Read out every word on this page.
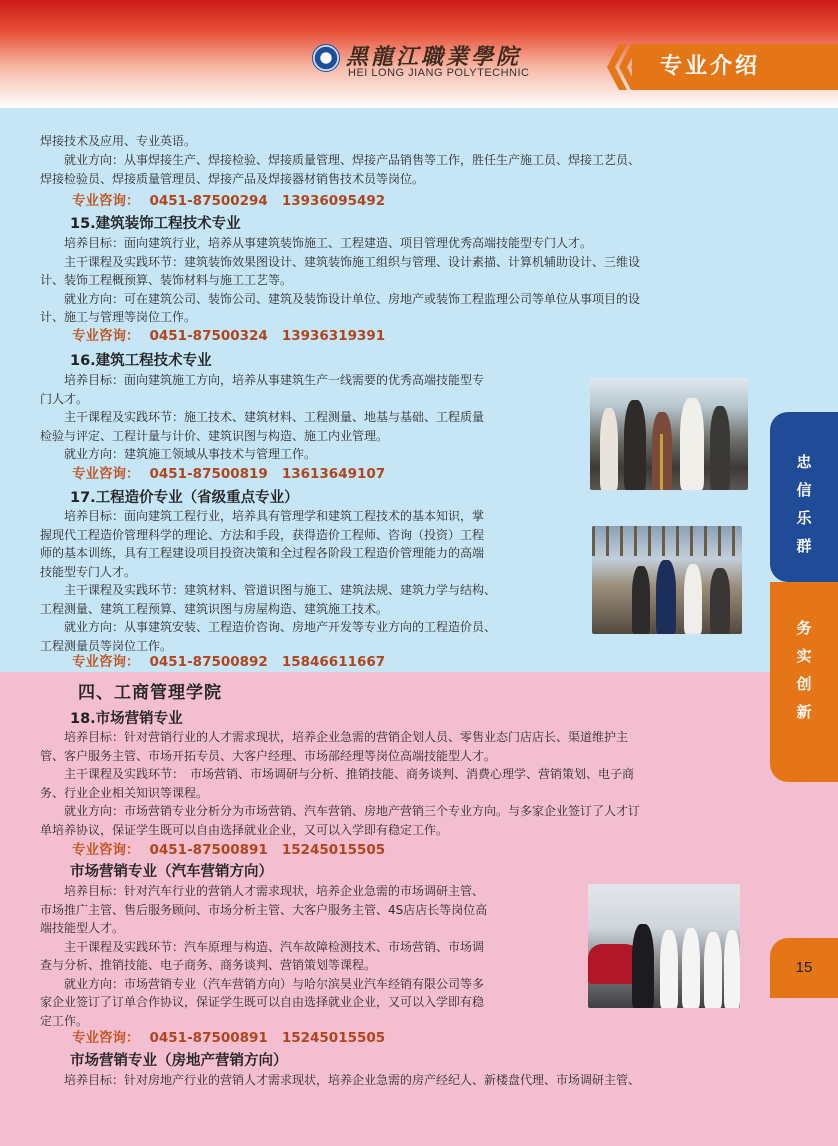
黑龍江職業學院
HEI LONG JIANG POLYTECHNIC	专业介绍

焊接技术及应用、专业英语。

　　就业方向：从事焊接生产、焊接检验、焊接质量管理、焊接产品销售等工作，胜任生产施工员、焊接工艺员、
焊接检验员、焊接质量管理员、焊接产品及焊接器材销售技术员等岗位。

专业咨询： 0451-87500294 13936095492
15.建筑装饰工程技术专业

　　培养目标：面向建筑行业，培养从事建筑装饰施工、工程建造、项目管理优秀高端技能型专门人才。
　　主干课程及实践环节：建筑装饰效果图设计、建筑装饰施工组织与管理、设计素描、计算机辅助设计、三维设
计、装饰工程概预算、装饰材料与施工工艺等。
　　就业方向：可在建筑公司、装饰公司、建筑及装饰设计单位、房地产或装饰工程监理公司等单位从事项目的设
计、施工与管理等岗位工作。

专业咨询： 0451-87500324 13936319391
16.建筑工程技术专业

　　培养目标：面向建筑施工方向，培养从事建筑生产一线需要的优秀高端技能型专
门人才。
　　主干课程及实践环节：施工技术、建筑材料、工程测量、地基与基础、工程质量
检验与评定、工程计量与计价、建筑识图与构造、施工内业管理。
　　就业方向：建筑施工领域从事技术与管理工作。

专业咨询： 0451-87500819 13613649107
17.工程造价专业（省级重点专业）

　　培养目标：面向建筑工程行业，培养具有管理学和建筑工程技术的基本知识，掌
握现代工程造价管理科学的理论、方法和手段，获得造价工程师、咨询（投资）工程
师的基本训练，具有工程建设项目投资决策和全过程各阶段工程造价管理能力的高端
技能型专门人才。
　　主干课程及实践环节：建筑材料、管道识图与施工、建筑法规、建筑力学与结构、
工程测量、建筑工程预算、建筑识图与房屋构造、建筑施工技术。
　　就业方向：从事建筑安装、工程造价咨询、房地产开发等专业方向的工程造价员、
工程测量员等岗位工作。

专业咨询： 0451-87500892 15846611667
四、工商管理学院
18.市场营销专业

　　培养目标：针对营销行业的人才需求现状，培养企业急需的营销企划人员、零售业态门店店长、渠道维护主
管、客户服务主管、市场开拓专员、大客户经理、市场部经理等岗位高端技能型人才。
　　主干课程及实践环节：　市场营销、市场调研与分析、推销技能、商务谈判、消费心理学、营销策划、电子商
务、行业企业相关知识等课程。
　　就业方向：市场营销专业分析分为市场营销、汽车营销、房地产营销三个专业方向。与多家企业签订了人才订
单培养协议，保证学生既可以自由选择就业企业，又可以入学即有稳定工作。

专业咨询： 0451-87500891 15245015505
市场营销专业（汽车营销方向）

　　培养目标：针对汽车行业的营销人才需求现状，培养企业急需的市场调研主管、
市场推广主管、售后服务顾问、市场分析主管、大客户服务主管、4S店店长等岗位高
端技能型人才。
　　主干课程及实践环节：汽车原理与构造、汽车故障检测技术、市场营销、市场调
查与分析、推销技能、电子商务、商务谈判、营销策划等课程。
　　就业方向：市场营销专业（汽车营销方向）与哈尔滨昊业汽车经销有限公司等多
家企业签订了订单合作协议，保证学生既可以自由选择就业企业，又可以入学即有稳
定工作。

专业咨询： 0451-87500891 15245015505
市场营销专业（房地产营销方向）

　　培养目标：针对房地产行业的营销人才需求现状，培养企业急需的房产经纪人、新楼盘代理、市场调研主管、

忠
信
乐
群
务
实
创
新
15
